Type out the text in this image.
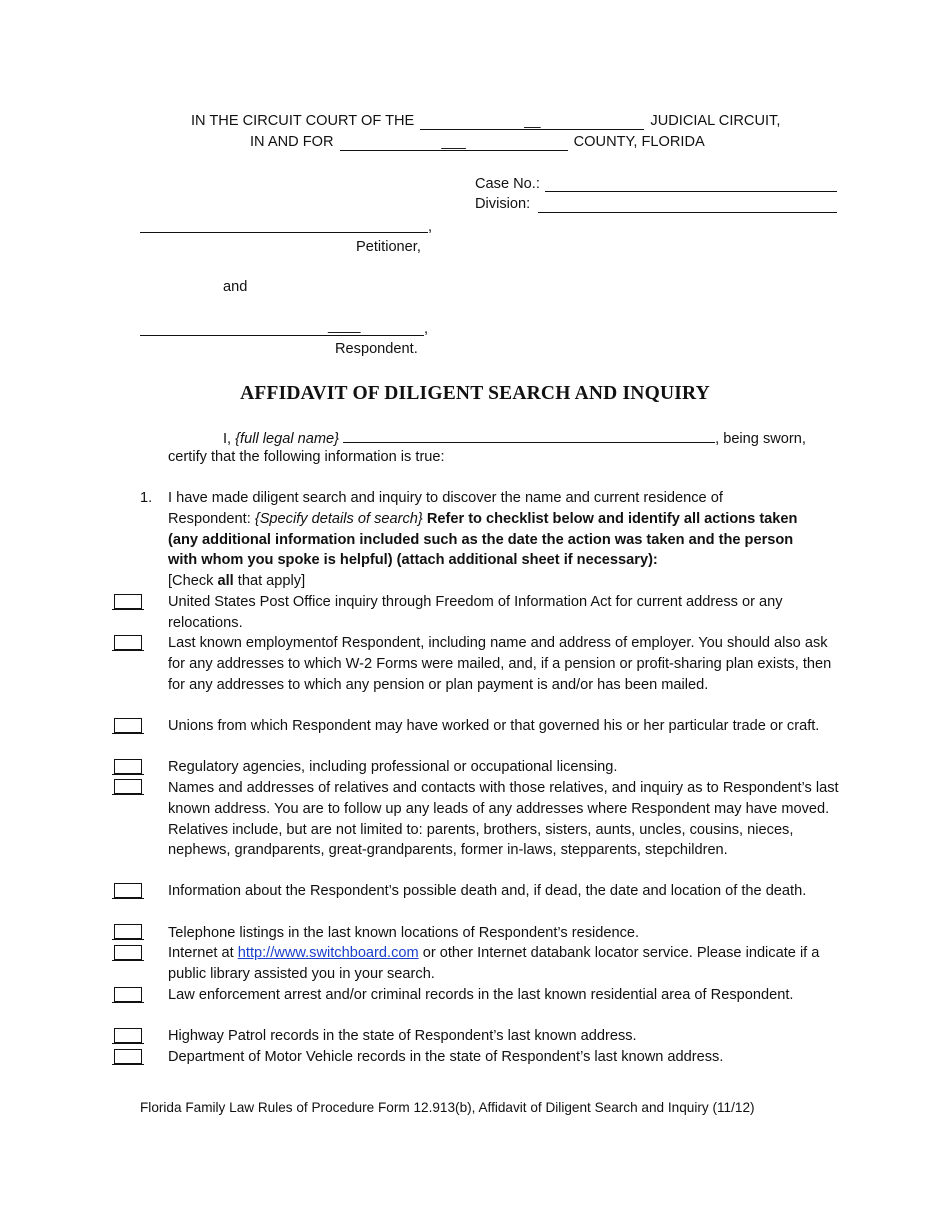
IN THE CIRCUIT COURT OF THE	__	JUDICIAL CIRCUIT,
IN AND FOR	___	COUNTY, FLORIDA
Case No.:
Division:
,
Petitioner,
and
____	,
Respondent.
AFFIDAVIT OF DILIGENT SEARCH AND INQUIRY
I, {full legal name}	, being sworn,
certify that the following information is true:
1. I have made diligent search and inquiry to discover the name and current residence of
Respondent: {Specify details of search} Refer to checklist below and identify all actions taken
(any additional information included such as the date the action was taken and the person
with whom you spoke is helpful) (attach additional sheet if necessary):
[Check all that apply]
United States Post Office inquiry through Freedom of Information Act for current address or any relocations.
Last known employmentof Respondent, including name and address of employer. You should also ask for any addresses to which W-2 Forms were mailed, and, if a pension or profit-sharing plan exists, then for any addresses to which any pension or plan payment is and/or has been mailed.
Unions from which Respondent may have worked or that governed his or her particular trade or craft.
Regulatory agencies, including professional or occupational licensing.
Names and addresses of relatives and contacts with those relatives, and inquiry as to Respondent’s last known address. You are to follow up any leads of any addresses where Respondent may have moved. Relatives include, but are not limited to: parents, brothers, sisters, aunts, uncles, cousins, nieces, nephews, grandparents, great-grandparents, former in-laws, stepparents, stepchildren.
Information about the Respondent’s possible death and, if dead, the date and location of the death.
Telephone listings in the last known locations of Respondent’s residence.
Internet at http://www.switchboard.com or other Internet databank locator service. Please indicate if a public library assisted you in your search.
Law enforcement arrest and/or criminal records in the last known residential area of Respondent.
Highway Patrol records in the state of Respondent’s last known address.
Department of Motor Vehicle records in the state of Respondent’s last known address.
Florida Family Law Rules of Procedure Form 12.913(b), Affidavit of Diligent Search and Inquiry (11/12)
